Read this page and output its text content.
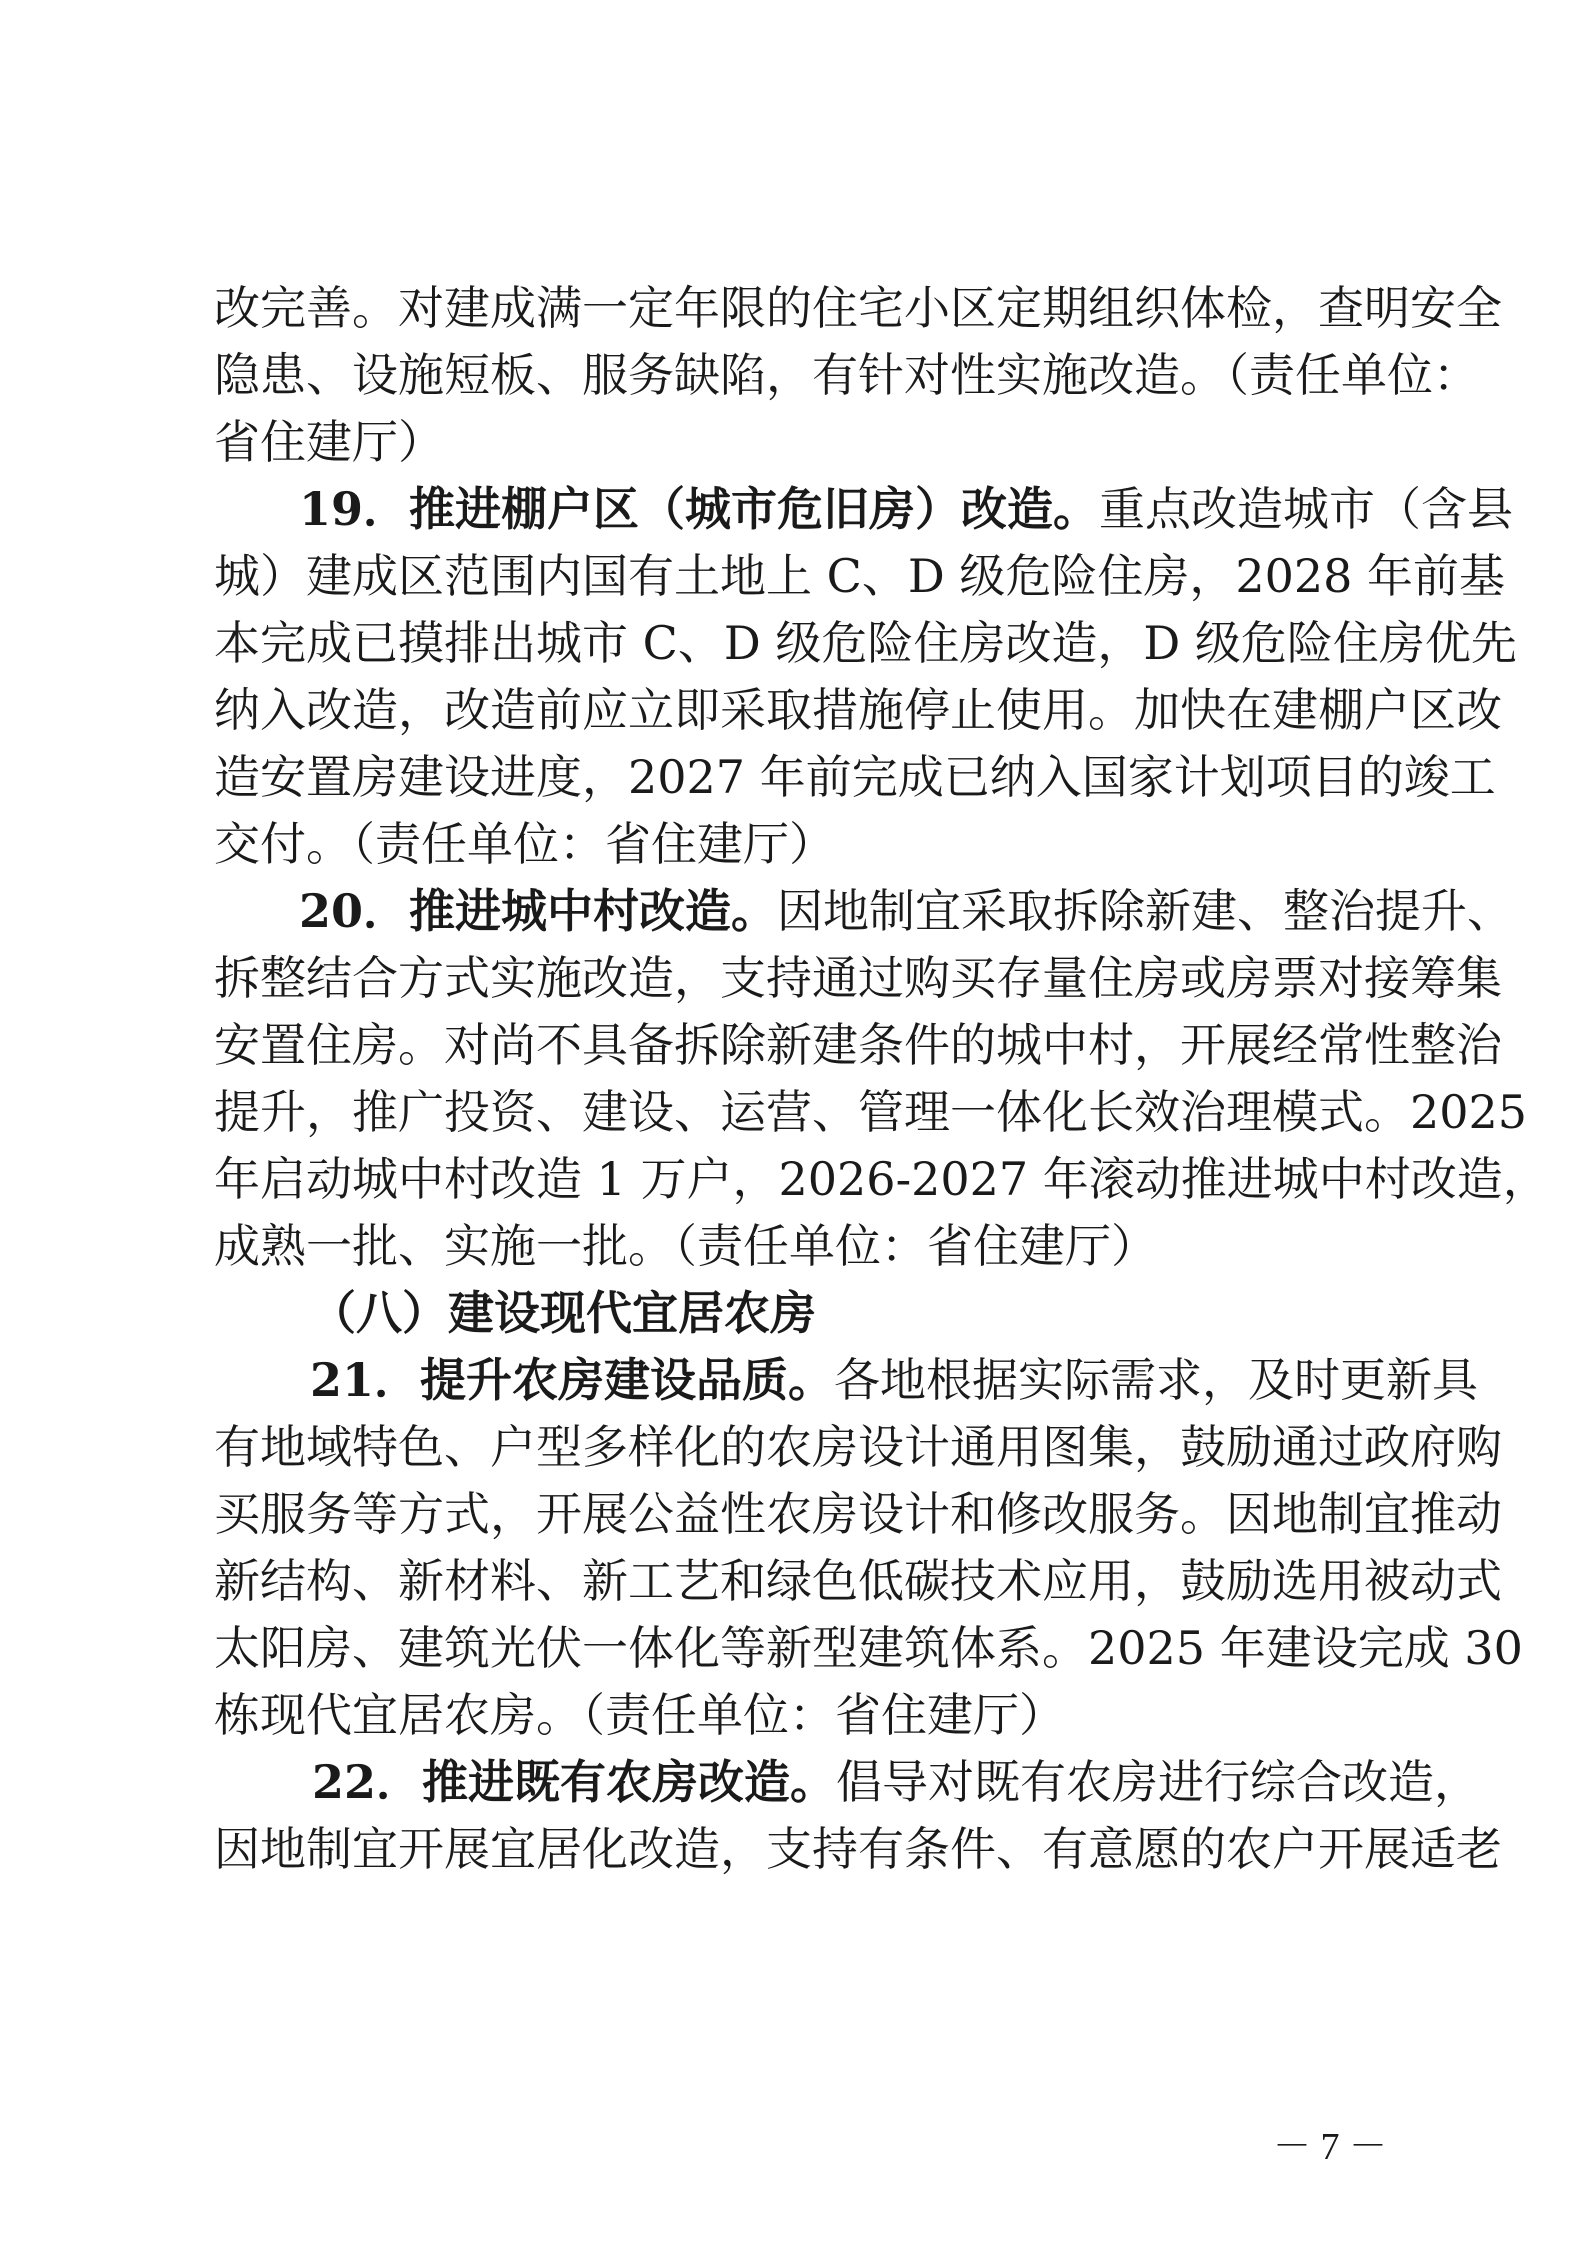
改完善。对建成满一定年限的住宅小区定期组织体检，查明安全
隐患、设施短板、服务缺陷，有针对性实施改造。（责任单位：
省住建厅）
19．推进棚户区（城市危旧房）改造。重点改造城市（含县
城）建成区范围内国有土地上 C、D 级危险住房，2028 年前基
本完成已摸排出城市 C、D 级危险住房改造，D 级危险住房优先
纳入改造，改造前应立即采取措施停止使用。加快在建棚户区改
造安置房建设进度，2027 年前完成已纳入国家计划项目的竣工
交付。（责任单位：省住建厅）
20．推进城中村改造。因地制宜采取拆除新建、整治提升、
拆整结合方式实施改造，支持通过购买存量住房或房票对接筹集
安置住房。对尚不具备拆除新建条件的城中村，开展经常性整治
提升，推广投资、建设、运营、管理一体化长效治理模式。2025
年启动城中村改造 1 万户，2026-2027 年滚动推进城中村改造，
成熟一批、实施一批。（责任单位：省住建厅）
（八）建设现代宜居农房
21．提升农房建设品质。各地根据实际需求，及时更新具
有地域特色、户型多样化的农房设计通用图集，鼓励通过政府购
买服务等方式，开展公益性农房设计和修改服务。因地制宜推动
新结构、新材料、新工艺和绿色低碳技术应用，鼓励选用被动式
太阳房、建筑光伏一体化等新型建筑体系。2025 年建设完成 30
栋现代宜居农房。（责任单位：省住建厅）
22．推进既有农房改造。倡导对既有农房进行综合改造，
因地制宜开展宜居化改造，支持有条件、有意愿的农户开展适老
－ 7 －
